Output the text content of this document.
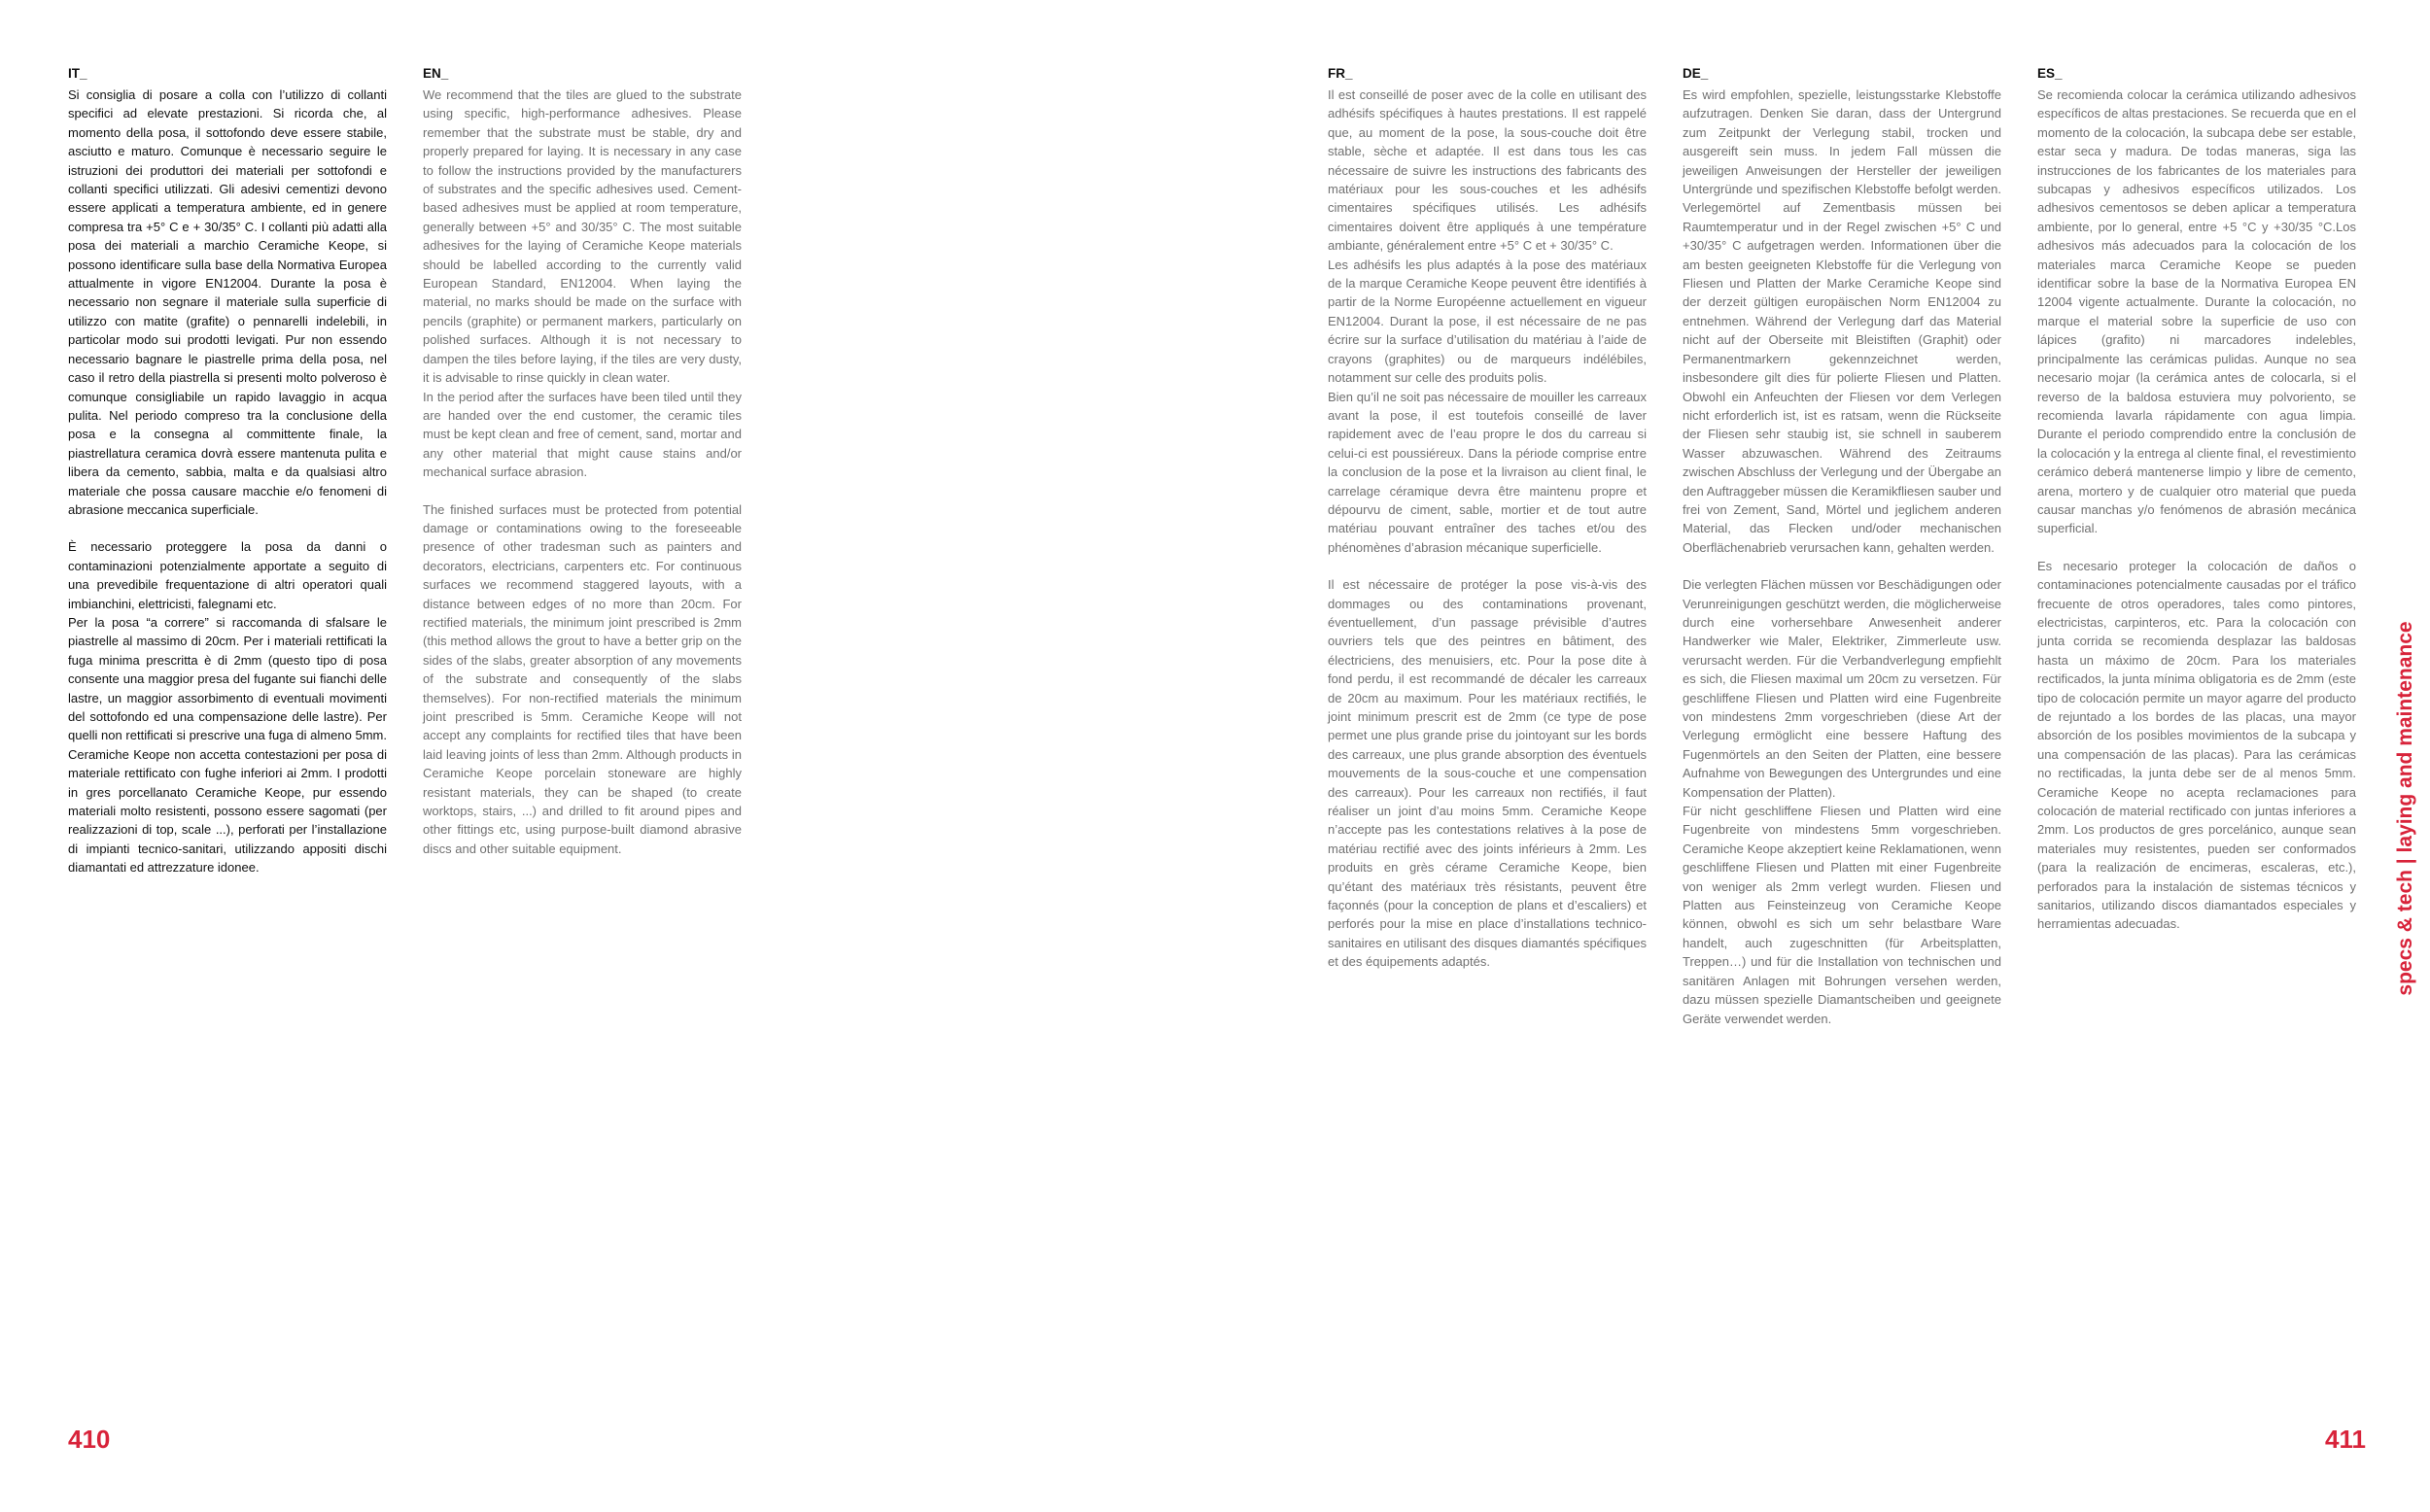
IT_

Si consiglia di posare a colla con l’utilizzo di collanti specifici ad elevate prestazioni. Si ricorda che, al momento della posa, il sottofondo deve essere stabile, asciutto e maturo. Comunque è necessario seguire le istruzioni dei produttori dei materiali per sottofondi e collanti specifici utilizzati. Gli adesivi cementizi devono essere applicati a temperatura ambiente, ed in genere compresa tra +5° C e + 30/35° C. I collanti più adatti alla posa dei materiali a marchio Ceramiche Keope, si possono identificare sulla base della Normativa Europea attualmente in vigore EN12004. Durante la posa è necessario non segnare il materiale sulla superficie di utilizzo con matite (grafite) o pennarelli indelebili, in particolar modo sui prodotti levigati. Pur non essendo necessario bagnare le piastrelle prima della posa, nel caso il retro della piastrella si presenti molto polveroso è comunque consigliabile un rapido lavaggio in acqua pulita. Nel periodo compreso tra la conclusione della posa e la consegna al committente finale, la piastrellatura ceramica dovrà essere mantenuta pulita e libera da cemento, sabbia, malta e da qualsiasi altro materiale che possa causare macchie e/o fenomeni di abrasione meccanica superficiale.

È necessario proteggere la posa da danni o contaminazioni potenzialmente apportate a seguito di una prevedibile frequentazione di altri operatori quali imbianchini, elettricisti, falegnami etc.

Per la posa “a correre” si raccomanda di sfalsare le piastrelle al massimo di 20cm. Per i materiali rettificati la fuga minima prescritta è di 2mm (questo tipo di posa consente una maggior presa del fugante sui fianchi delle lastre, un maggior assorbimento di eventuali movimenti del sottofondo ed una compensazione delle lastre). Per quelli non rettificati si prescrive una fuga di almeno 5mm. Ceramiche Keope non accetta contestazioni per posa di materiale rettificato con fughe inferiori ai 2mm. I prodotti in gres porcellanato Ceramiche Keope, pur essendo materiali molto resistenti, possono essere sagomati (per realizzazioni di top, scale ...), perforati per l’installazione di impianti tecnico-sanitari, utilizzando appositi dischi diamantati ed attrezzature idonee.

EN_

We recommend that the tiles are glued to the substrate using specific, high-performance adhesives. Please remember that the substrate must be stable, dry and properly prepared for laying. It is necessary in any case to follow the instructions provided by the manufacturers of substrates and the specific adhesives used. Cement-based adhesives must be applied at room temperature, generally between +5° and 30/35° C. The most suitable adhesives for the laying of Ceramiche Keope materials should be labelled according to the currently valid European Standard, EN12004. When laying the material, no marks should be made on the surface with pencils (graphite) or permanent markers, particularly on polished surfaces. Although it is not necessary to dampen the tiles before laying, if the tiles are very dusty, it is advisable to rinse quickly in clean water.

In the period after the surfaces have been tiled until they are handed over the end customer, the ceramic tiles must be kept clean and free of cement, sand, mortar and any other material that might cause stains and/or mechanical surface abrasion.

The finished surfaces must be protected from potential damage or contaminations owing to the foreseeable presence of other tradesman such as painters and decorators, electricians, carpenters etc. For continuous surfaces we recommend staggered layouts, with a distance between edges of no more than 20cm. For rectified materials, the minimum joint prescribed is 2mm (this method allows the grout to have a better grip on the sides of the slabs, greater absorption of any movements of the substrate and consequently of the slabs themselves). For non-rectified materials the minimum joint prescribed is 5mm. Ceramiche Keope will not accept any complaints for rectified tiles that have been laid leaving joints of less than 2mm. Although products in Ceramiche Keope porcelain stoneware are highly resistant materials, they can be shaped (to create worktops, stairs, ...) and drilled to fit around pipes and other fittings etc, using purpose-built diamond abrasive discs and other suitable equipment.

FR_

Il est conseillé de poser avec de la colle en utilisant des adhésifs spécifiques à hautes prestations. Il est rappelé que, au moment de la pose, la sous-couche doit être stable, sèche et adaptée. Il est dans tous les cas nécessaire de suivre les instructions des fabricants des matériaux pour les sous-couches et les adhésifs cimentaires spécifiques utilisés. Les adhésifs cimentaires doivent être appliqués à une température ambiante, généralement entre +5° C et + 30/35° C.

Les adhésifs les plus adaptés à la pose des matériaux de la marque Ceramiche Keope peuvent être identifiés à partir de la Norme Européenne actuellement en vigueur EN12004. Durant la pose, il est nécessaire de ne pas écrire sur la surface d’utilisation du matériau à l’aide de crayons (graphites) ou de marqueurs indélébiles, notamment sur celle des produits polis.

Bien qu’il ne soit pas nécessaire de mouiller les carreaux avant la pose, il est toutefois conseillé de laver rapidement avec de l’eau propre le dos du carreau si celui-ci est poussiéreux. Dans la période comprise entre la conclusion de la pose et la livraison au client final, le carrelage céramique devra être maintenu propre et dépourvu de ciment, sable, mortier et de tout autre matériau pouvant entraîner des taches et/ou des phénomènes d’abrasion mécanique superficielle.

Il est nécessaire de protéger la pose vis-à-vis des dommages ou des contaminations provenant, éventuellement, d’un passage prévisible d’autres ouvriers tels que des peintres en bâtiment, des électriciens, des menuisiers, etc. Pour la pose dite à fond perdu, il est recommandé de décaler les carreaux de 20cm au maximum. Pour les matériaux rectifiés, le joint minimum prescrit est de 2mm (ce type de pose permet une plus grande prise du jointoyant sur les bords des carreaux, une plus grande absorption des éventuels mouvements de la sous-couche et une compensation des carreaux). Pour les carreaux non rectifiés, il faut réaliser un joint d’au moins 5mm. Ceramiche Keope n’accepte pas les contestations relatives à la pose de matériau rectifié avec des joints inférieurs à 2mm. Les produits en grès cérame Ceramiche Keope, bien qu’étant des matériaux très résistants, peuvent être façonnés (pour la conception de plans et d’escaliers) et perforés pour la mise en place d’installations technico-sanitaires en utilisant des disques diamantés spécifiques et des équipements adaptés.

DE_

Es wird empfohlen, spezielle, leistungsstarke Klebstoffe aufzutragen. Denken Sie daran, dass der Untergrund zum Zeitpunkt der Verlegung stabil, trocken und ausgereift sein muss. In jedem Fall müssen die jeweiligen Anweisungen der Hersteller der jeweiligen Untergründe und spezifischen Klebstoffe befolgt werden. Verlegemörtel auf Zementbasis müssen bei Raumtemperatur und in der Regel zwischen +5° C und +30/35° C aufgetragen werden. Informationen über die am besten geeigneten Klebstoffe für die Verlegung von Fliesen und Platten der Marke Ceramiche Keope sind der derzeit gültigen europäischen Norm EN12004 zu entnehmen. Während der Verlegung darf das Material nicht auf der Oberseite mit Bleistiften (Graphit) oder Permanentmarkern gekennzeichnet werden, insbesondere gilt dies für polierte Fliesen und Platten. Obwohl ein Anfeuchten der Fliesen vor dem Verlegen nicht erforderlich ist, ist es ratsam, wenn die Rückseite der Fliesen sehr staubig ist, sie schnell in sauberem Wasser abzuwaschen. Während des Zeitraums zwischen Abschluss der Verlegung und der Übergabe an den Auftraggeber müssen die Keramikfliesen sauber und frei von Zement, Sand, Mörtel und jeglichem anderen Material, das Flecken und/oder mechanischen Oberflächenabrieb verursachen kann, gehalten werden.

Die verlegten Flächen müssen vor Beschädigungen oder Verunreinigungen geschützt werden, die möglicherweise durch eine vorhersehbare Anwesenheit anderer Handwerker wie Maler, Elektriker, Zimmerleute usw. verursacht werden. Für die Verbandverlegung empfiehlt es sich, die Fliesen maximal um 20cm zu versetzen. Für geschliffene Fliesen und Platten wird eine Fugenbreite von mindestens 2mm vorgeschrieben (diese Art der Verlegung ermöglicht eine bessere Haftung des Fugenmörtels an den Seiten der Platten, eine bessere Aufnahme von Bewegungen des Untergrundes und eine Kompensation der Platten).

Für nicht geschliffene Fliesen und Platten wird eine Fugenbreite von mindestens 5mm vorgeschrieben. Ceramiche Keope akzeptiert keine Reklamationen, wenn geschliffene Fliesen und Platten mit einer Fugenbreite von weniger als 2mm verlegt wurden. Fliesen und Platten aus Feinsteinzeug von Ceramiche Keope können, obwohl es sich um sehr belastbare Ware handelt, auch zugeschnitten (für Arbeitsplatten, Treppen…) und für die Installation von technischen und sanitären Anlagen mit Bohrungen versehen werden, dazu müssen spezielle Diamantscheiben und geeignete Geräte verwendet werden.

ES_

Se recomienda colocar la cerámica utilizando adhesivos específicos de altas prestaciones. Se recuerda que en el momento de la colocación, la subcapa debe ser estable, estar seca y madura. De todas maneras, siga las instrucciones de los fabricantes de los materiales para subcapas y adhesivos específicos utilizados. Los adhesivos cementosos se deben aplicar a temperatura ambiente, por lo general, entre +5 °C y +30/35 °C.Los adhesivos más adecuados para la colocación de los materiales marca Ceramiche Keope se pueden identificar sobre la base de la Normativa Europea EN 12004 vigente actualmente. Durante la colocación, no marque el material sobre la superficie de uso con lápices (grafito) ni marcadores indelebles, principalmente las cerámicas pulidas. Aunque no sea necesario mojar (la cerámica antes de colocarla, si el reverso de la baldosa estuviera muy polvoriento, se recomienda lavarla rápidamente con agua limpia. Durante el periodo comprendido entre la conclusión de la colocación y la entrega al cliente final, el revestimiento cerámico deberá mantenerse limpio y libre de cemento, arena, mortero y de cualquier otro material que pueda causar manchas y/o fenómenos de abrasión mecánica superficial.

Es necesario proteger la colocación de daños o contaminaciones potencialmente causadas por el tráfico frecuente de otros operadores, tales como pintores, electricistas, carpinteros, etc. Para la colocación con junta corrida se recomienda desplazar las baldosas hasta un máximo de 20cm. Para los materiales rectificados, la junta mínima obligatoria es de 2mm (este tipo de colocación permite un mayor agarre del producto de rejuntado a los bordes de las placas, una mayor absorción de los posibles movimientos de la subcapa y una compensación de las placas). Para las cerámicas no rectificadas, la junta debe ser de al menos 5mm. Ceramiche Keope no acepta reclamaciones para colocación de material rectificado con juntas inferiores a 2mm. Los productos de gres porcelánico, aunque sean materiales muy resistentes, pueden ser conformados (para la realización de encimeras, escaleras, etc.), perforados para la instalación de sistemas técnicos y sanitarios, utilizando discos diamantados especiales y herramientas adecuadas.	specs & tech | laying and maintenance
410	411
